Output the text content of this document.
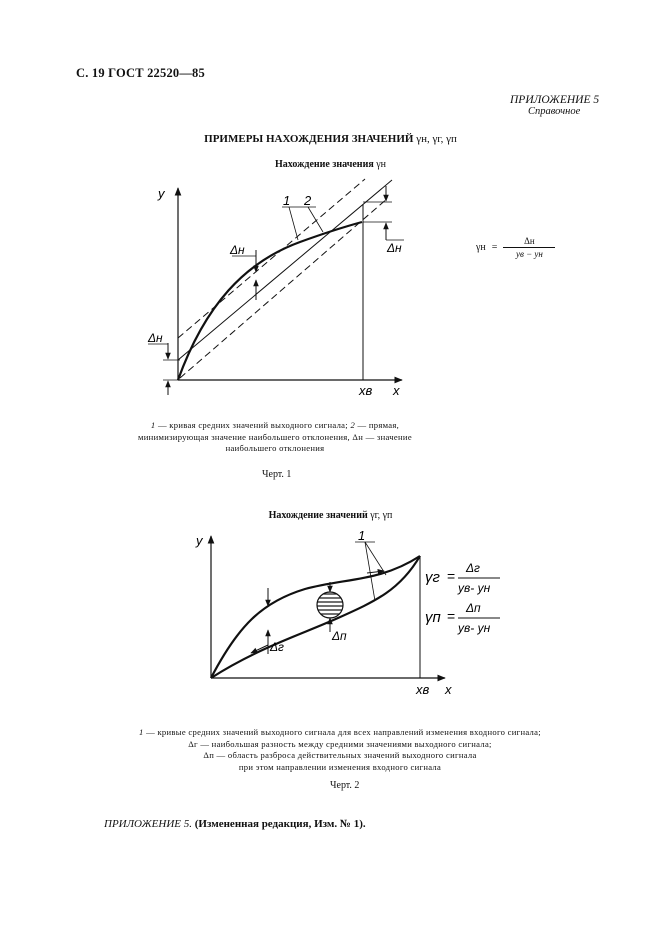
С. 19 ГОСТ 22520—85
ПРИЛОЖЕНИЕ 5
Справочное
ПРИМЕРЫ НАХОЖДЕНИЯ ЗНАЧЕНИЙ γн, γг, γп
Нахождение значения γн
y
x
xв
1 2
Δн
Δн
Δн
y
x
xв
1
Δг
Δп
γг = Δг
yв- yн
γп = Δп
yв- yн
γн =
Δн
yв − yн
1 — кривая средних значений выходного сигнала; 2 — прямая,
минимизирующая значение наибольшего отклонения, Δн — значение
наибольшего отклонения
Черт. 1
Нахождение значений γг, γп
1 — кривые средних значений выходного сигнала для всех направлений изменения входного сигнала;
Δг — наибольшая разность между средними значениями выходного сигнала;
Δп — область разброса действительных значений выходного сигнала
при этом направлении изменения входного сигнала
Черт. 2
ПРИЛОЖЕНИЕ 5. (Измененная редакция, Изм. № 1).
